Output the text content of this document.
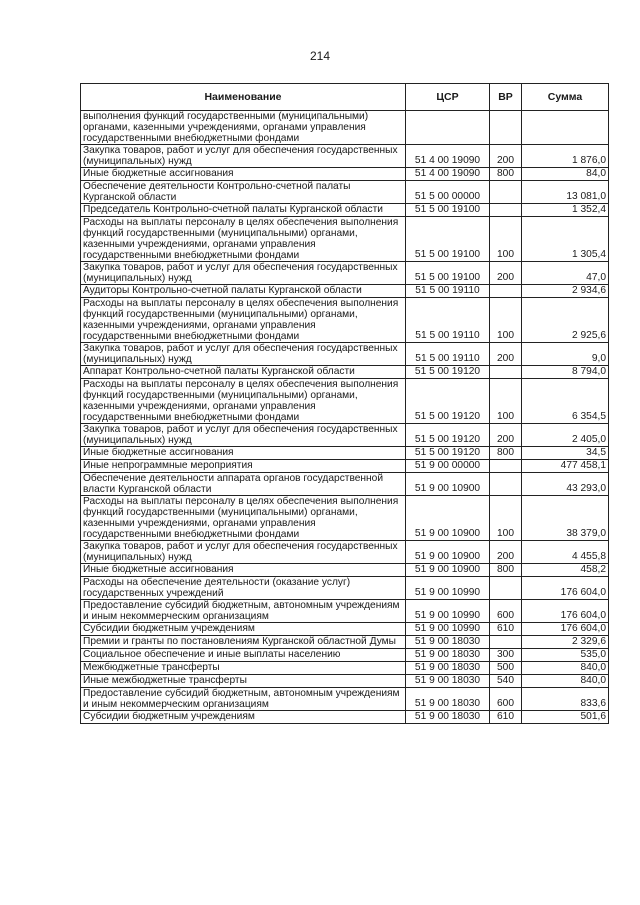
214
Наименование	ЦСР	ВР	Сумма
выполнения функций государственными (муниципальными) органами, казенными учреждениями, органами управления государственными внебюджетными фондами			
Закупка товаров, работ и услуг для обеспечения государственных (муниципальных) нужд	51 4 00 19090	200	1 876,0
Иные бюджетные ассигнования	51 4 00 19090	800	84,0
Обеспечение деятельности Контрольно-счетной палаты Курганской области	51 5 00 00000		13 081,0
Председатель Контрольно-счетной палаты Курганской области	51 5 00 19100		1 352,4
Расходы на выплаты персоналу в целях обеспечения выполнения функций государственными (муниципальными) органами, казенными учреждениями, органами управления государственными внебюджетными фондами	51 5 00 19100	100	1 305,4
Закупка товаров, работ и услуг для обеспечения государственных (муниципальных) нужд	51 5 00 19100	200	47,0
Аудиторы Контрольно-счетной палаты Курганской области	51 5 00 19110		2 934,6
Расходы на выплаты персоналу в целях обеспечения выполнения функций государственными (муниципальными) органами, казенными учреждениями, органами управления государственными внебюджетными фондами	51 5 00 19110	100	2 925,6
Закупка товаров, работ и услуг для обеспечения государственных (муниципальных) нужд	51 5 00 19110	200	9,0
Аппарат Контрольно-счетной палаты Курганской области	51 5 00 19120		8 794,0
Расходы на выплаты персоналу в целях обеспечения выполнения функций государственными (муниципальными) органами, казенными учреждениями, органами управления государственными внебюджетными фондами	51 5 00 19120	100	6 354,5
Закупка товаров, работ и услуг для обеспечения государственных (муниципальных) нужд	51 5 00 19120	200	2 405,0
Иные бюджетные ассигнования	51 5 00 19120	800	34,5
Иные непрограммные мероприятия	51 9 00 00000		477 458,1
Обеспечение деятельности аппарата органов государственной власти Курганской области	51 9 00 10900		43 293,0
Расходы на выплаты персоналу в целях обеспечения выполнения функций государственными (муниципальными) органами, казенными учреждениями, органами управления государственными внебюджетными фондами	51 9 00 10900	100	38 379,0
Закупка товаров, работ и услуг для обеспечения государственных (муниципальных) нужд	51 9 00 10900	200	4 455,8
Иные бюджетные ассигнования	51 9 00 10900	800	458,2
Расходы на обеспечение деятельности (оказание услуг) государственных учреждений	51 9 00 10990		176 604,0
Предоставление субсидий бюджетным, автономным учреждениям и иным некоммерческим организациям	51 9 00 10990	600	176 604,0
Субсидии бюджетным учреждениям	51 9 00 10990	610	176 604,0
Премии и гранты по постановлениям Курганской областной Думы	51 9 00 18030		2 329,6
Социальное обеспечение и иные выплаты населению	51 9 00 18030	300	535,0
Межбюджетные трансферты	51 9 00 18030	500	840,0
Иные межбюджетные трансферты	51 9 00 18030	540	840,0
Предоставление субсидий бюджетным, автономным учреждениям и иным некоммерческим организациям	51 9 00 18030	600	833,6
Субсидии бюджетным учреждениям	51 9 00 18030	610	501,6
